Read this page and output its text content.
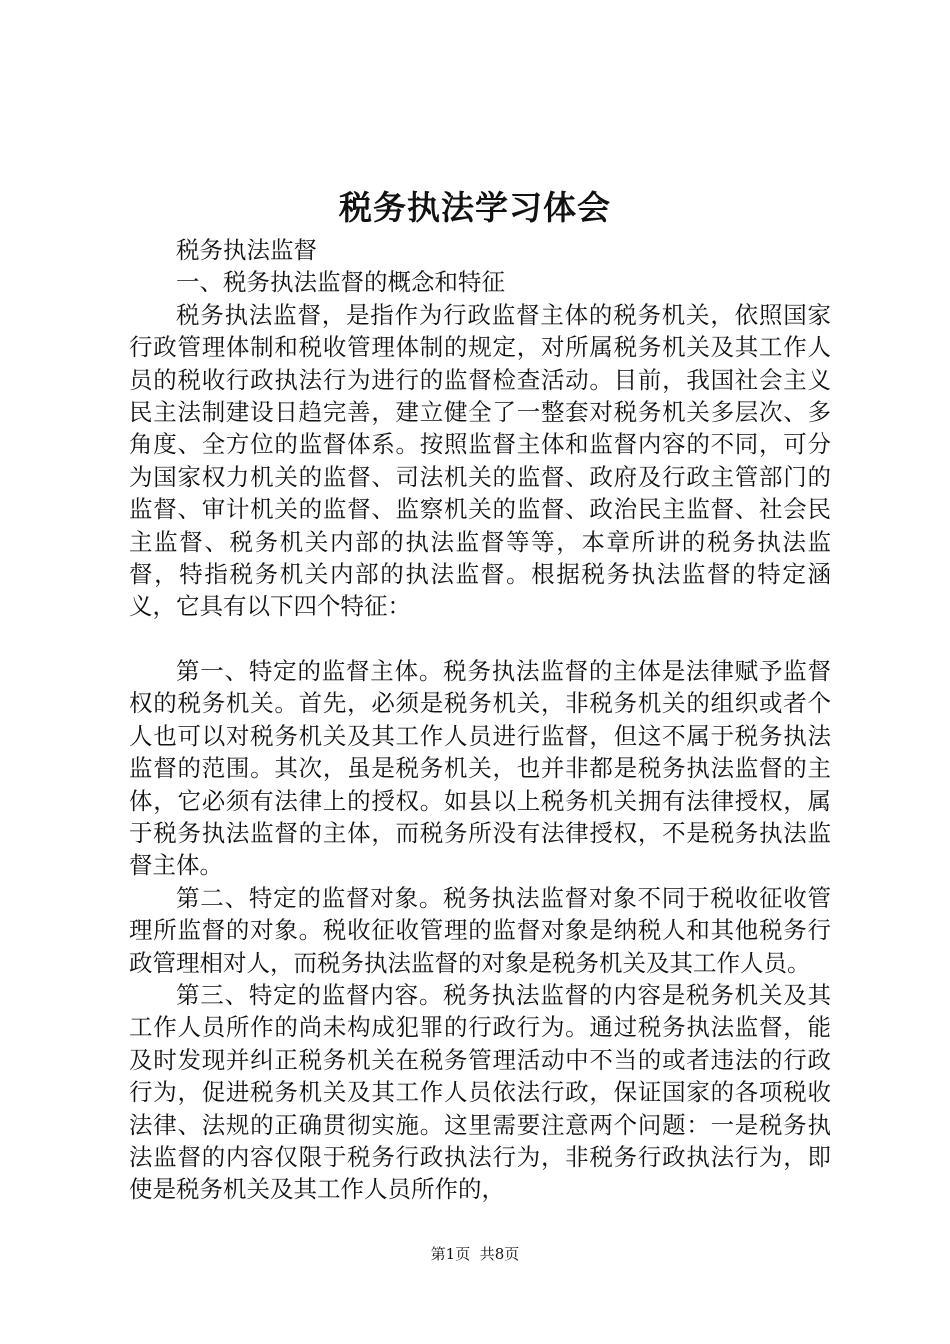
税务执法学习体会

税务执法监督

一、税务执法监督的概念和特征

税务执法监督，是指作为行政监督主体的税务机关，依照国家行政管理体制和税收管理体制的规定，对所属税务机关及其工作人员的税收行政执法行为进行的监督检查活动。目前，我国社会主义民主法制建设日趋完善，建立健全了一整套对税务机关多层次、多角度、全方位的监督体系。按照监督主体和监督内容的不同，可分为国家权力机关的监督、司法机关的监督、政府及行政主管部门的监督、审计机关的监督、监察机关的监督、政治民主监督、社会民主监督、税务机关内部的执法监督等等，本章所讲的税务执法监督，特指税务机关内部的执法监督。根据税务执法监督的特定涵义，它具有以下四个特征：

第一、特定的监督主体。税务执法监督的主体是法律赋予监督权的税务机关。首先，必须是税务机关，非税务机关的组织或者个人也可以对税务机关及其工作人员进行监督，但这不属于税务执法监督的范围。其次，虽是税务机关，也并非都是税务执法监督的主体，它必须有法律上的授权。如县以上税务机关拥有法律授权，属于税务执法监督的主体，而税务所没有法律授权，不是税务执法监督主体。

第二、特定的监督对象。税务执法监督对象不同于税收征收管理所监督的对象。税收征收管理的监督对象是纳税人和其他税务行政管理相对人，而税务执法监督的对象是税务机关及其工作人员。

第三、特定的监督内容。税务执法监督的内容是税务机关及其工作人员所作的尚未构成犯罪的行政行为。通过税务执法监督，能及时发现并纠正税务机关在税务管理活动中不当的或者违法的行政行为，促进税务机关及其工作人员依法行政，保证国家的各项税收法律、法规的正确贯彻实施。这里需要注意两个问题：一是税务执法监督的内容仅限于税务行政执法行为，非税务行政执法行为，即使是税务机关及其工作人员所作的，

第1页 共8页
